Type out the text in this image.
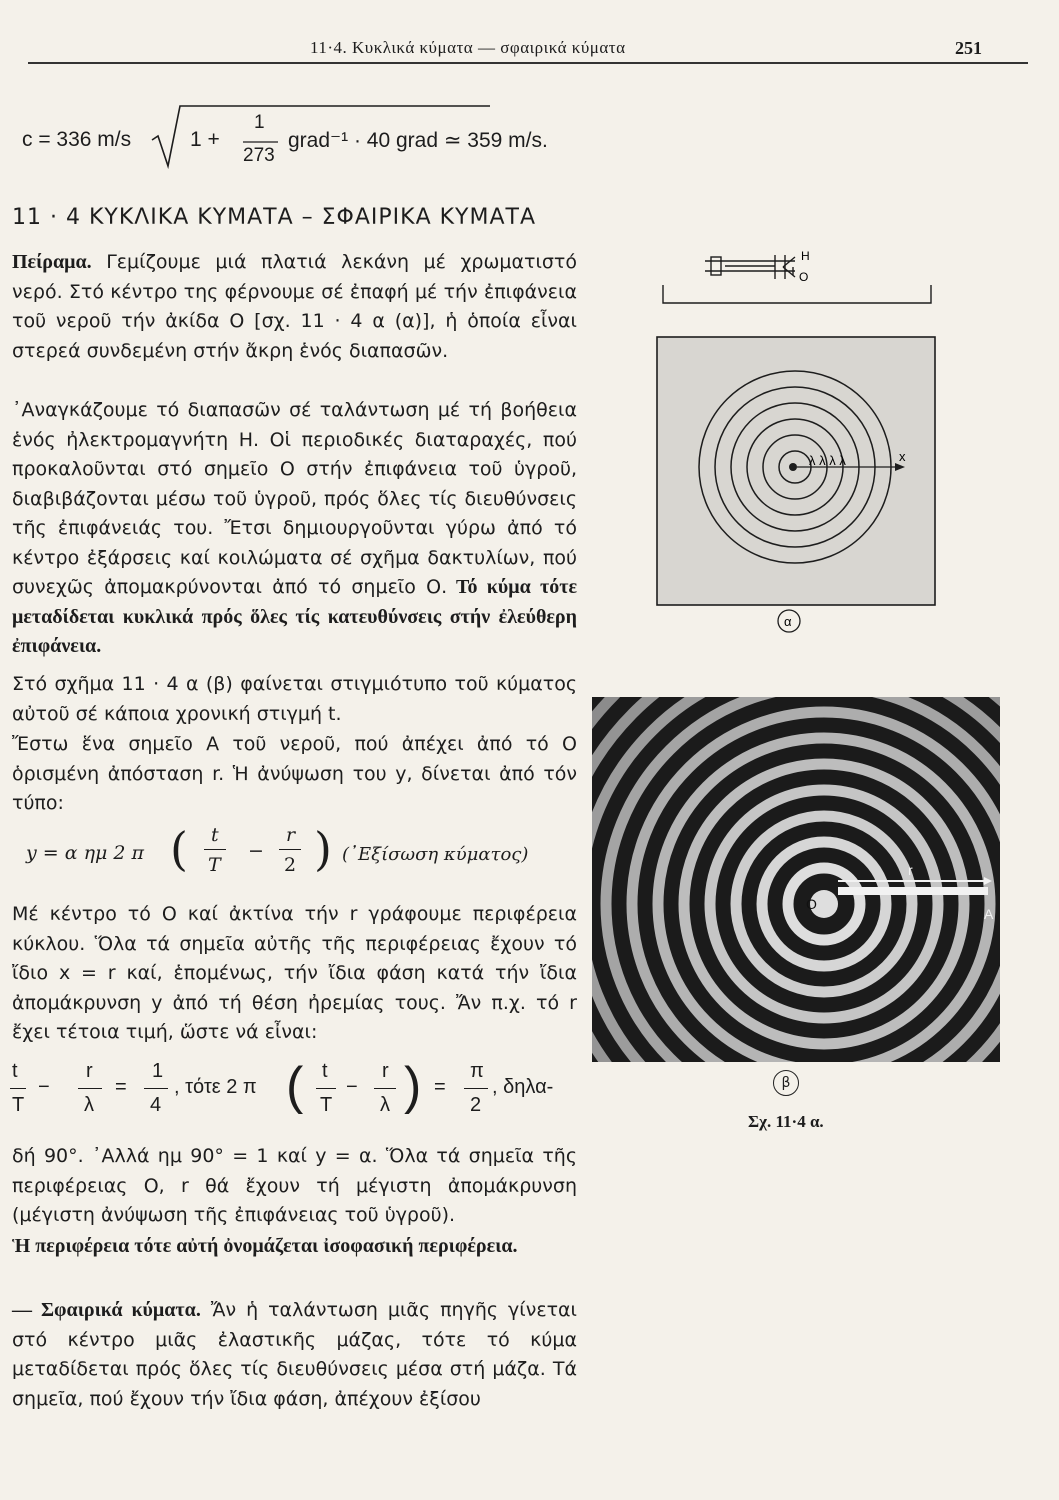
11·4. Κυκλικά κύματα — σφαιρικά κύματα	251
c = 336 m/s	1 +
1
273
grad⁻¹ · 40 grad ≃ 359 m/s.
11 · 4 ΚΥΚΛΙΚΑ ΚΥΜΑΤΑ – ΣΦΑΙΡΙΚΑ ΚΥΜΑΤΑ
Πείραμα. Γεμίζουμε μιά πλατιά λεκάνη μέ χρωματιστό νερό. Στό κέντρο της φέρνουμε σέ ἐπαφή μέ τήν ἐπιφάνεια τοῦ νεροῦ τήν ἀκίδα Ο [σχ. 11 · 4 α (α)], ἡ ὁποία εἶναι στερεά συνδεμένη στήν ἄκρη ἑνός διαπασῶν.
᾿Αναγκάζουμε τό διαπασῶν σέ ταλάντωση μέ τή βοήθεια ἑνός ἠλεκτρομαγνήτη Η. Οἱ περιοδικές διαταραχές, πού προκαλοῦνται στό σημεῖο Ο στήν ἐπιφάνεια τοῦ ὑγροῦ, διαβιβάζονται μέσω τοῦ ὑγροῦ, πρός ὅλες τίς διευθύνσεις τῆς ἐπιφάνειάς του. Ἔτσι δημιουργοῦνται γύρω ἀπό τό κέντρο ἐξάρσεις καί κοιλώματα σέ σχῆμα δακτυλίων, πού συνεχῶς ἀπομακρύνονται ἀπό τό σημεῖο Ο. Τό κύμα τότε μεταδίδεται κυκλικά πρός ὅλες τίς κατευθύνσεις στήν ἐλεύθερη ἐπιφάνεια.
Στό σχῆμα 11 · 4 α (β) φαίνεται στιγμιότυπο τοῦ κύματος αὐτοῦ σέ κάποια χρονική στιγμή t.
Ἔστω ἕνα σημεῖο Α τοῦ νεροῦ, πού ἀπέχει ἀπό τό Ο ὁρισμένη ἀπόσταση r. Ἡ ἀνύψωση του y, δίνεται ἀπό τόν τύπο:
y = α ημ 2 π ( t
T
−
r
2 ) (᾿Εξίσωση κύματος)
Μέ κέντρο τό Ο καί ἀκτίνα τήν r γράφουμε περιφέρεια κύκλου. Ὅλα τά σημεῖα αὐτῆς τῆς περιφέρειας ἔχουν τό ἴδιο x = r καί, ἑπομένως, τήν ἴδια φάση κατά τήν ἴδια ἀπομάκρυνση y ἀπό τή θέση ἠρεμίας τους. Ἄν π.χ. τό r ἔχει τέτοια τιμή, ὥστε νά εἶναι:
t
T
−
r
λ
=
1
4
, τότε 2 π ( t
T
−
r
λ ) =
π
2
, δηλα-
δή 90°. ᾿Αλλά ημ 90° = 1 καί y = α. Ὅλα τά σημεῖα τῆς περιφέρειας Ο, r θά ἔχουν τή μέγιστη ἀπομάκρυνση (μέγιστη ἀνύψωση τῆς ἐπιφάνειας τοῦ ὑγροῦ).
Ἡ περιφέρεια τότε αὐτή ὀνομάζεται ἰσοφασική περιφέρεια.
— Σφαιρικά κύματα. Ἄν ἡ ταλάντωση μιᾶς πηγῆς γίνεται στό κέντρο μιᾶς ἐλαστικῆς μάζας, τότε τό κύμα μεταδίδεται πρός ὅλες τίς διευθύνσεις μέσα στή μάζα. Τά σημεῖα, πού ἔχουν τήν ἴδια φάση, ἀπέχουν ἐξίσου
H
O
λ λ λ λ	x
α
O
r
A
β
Σχ. 11·4 α.
